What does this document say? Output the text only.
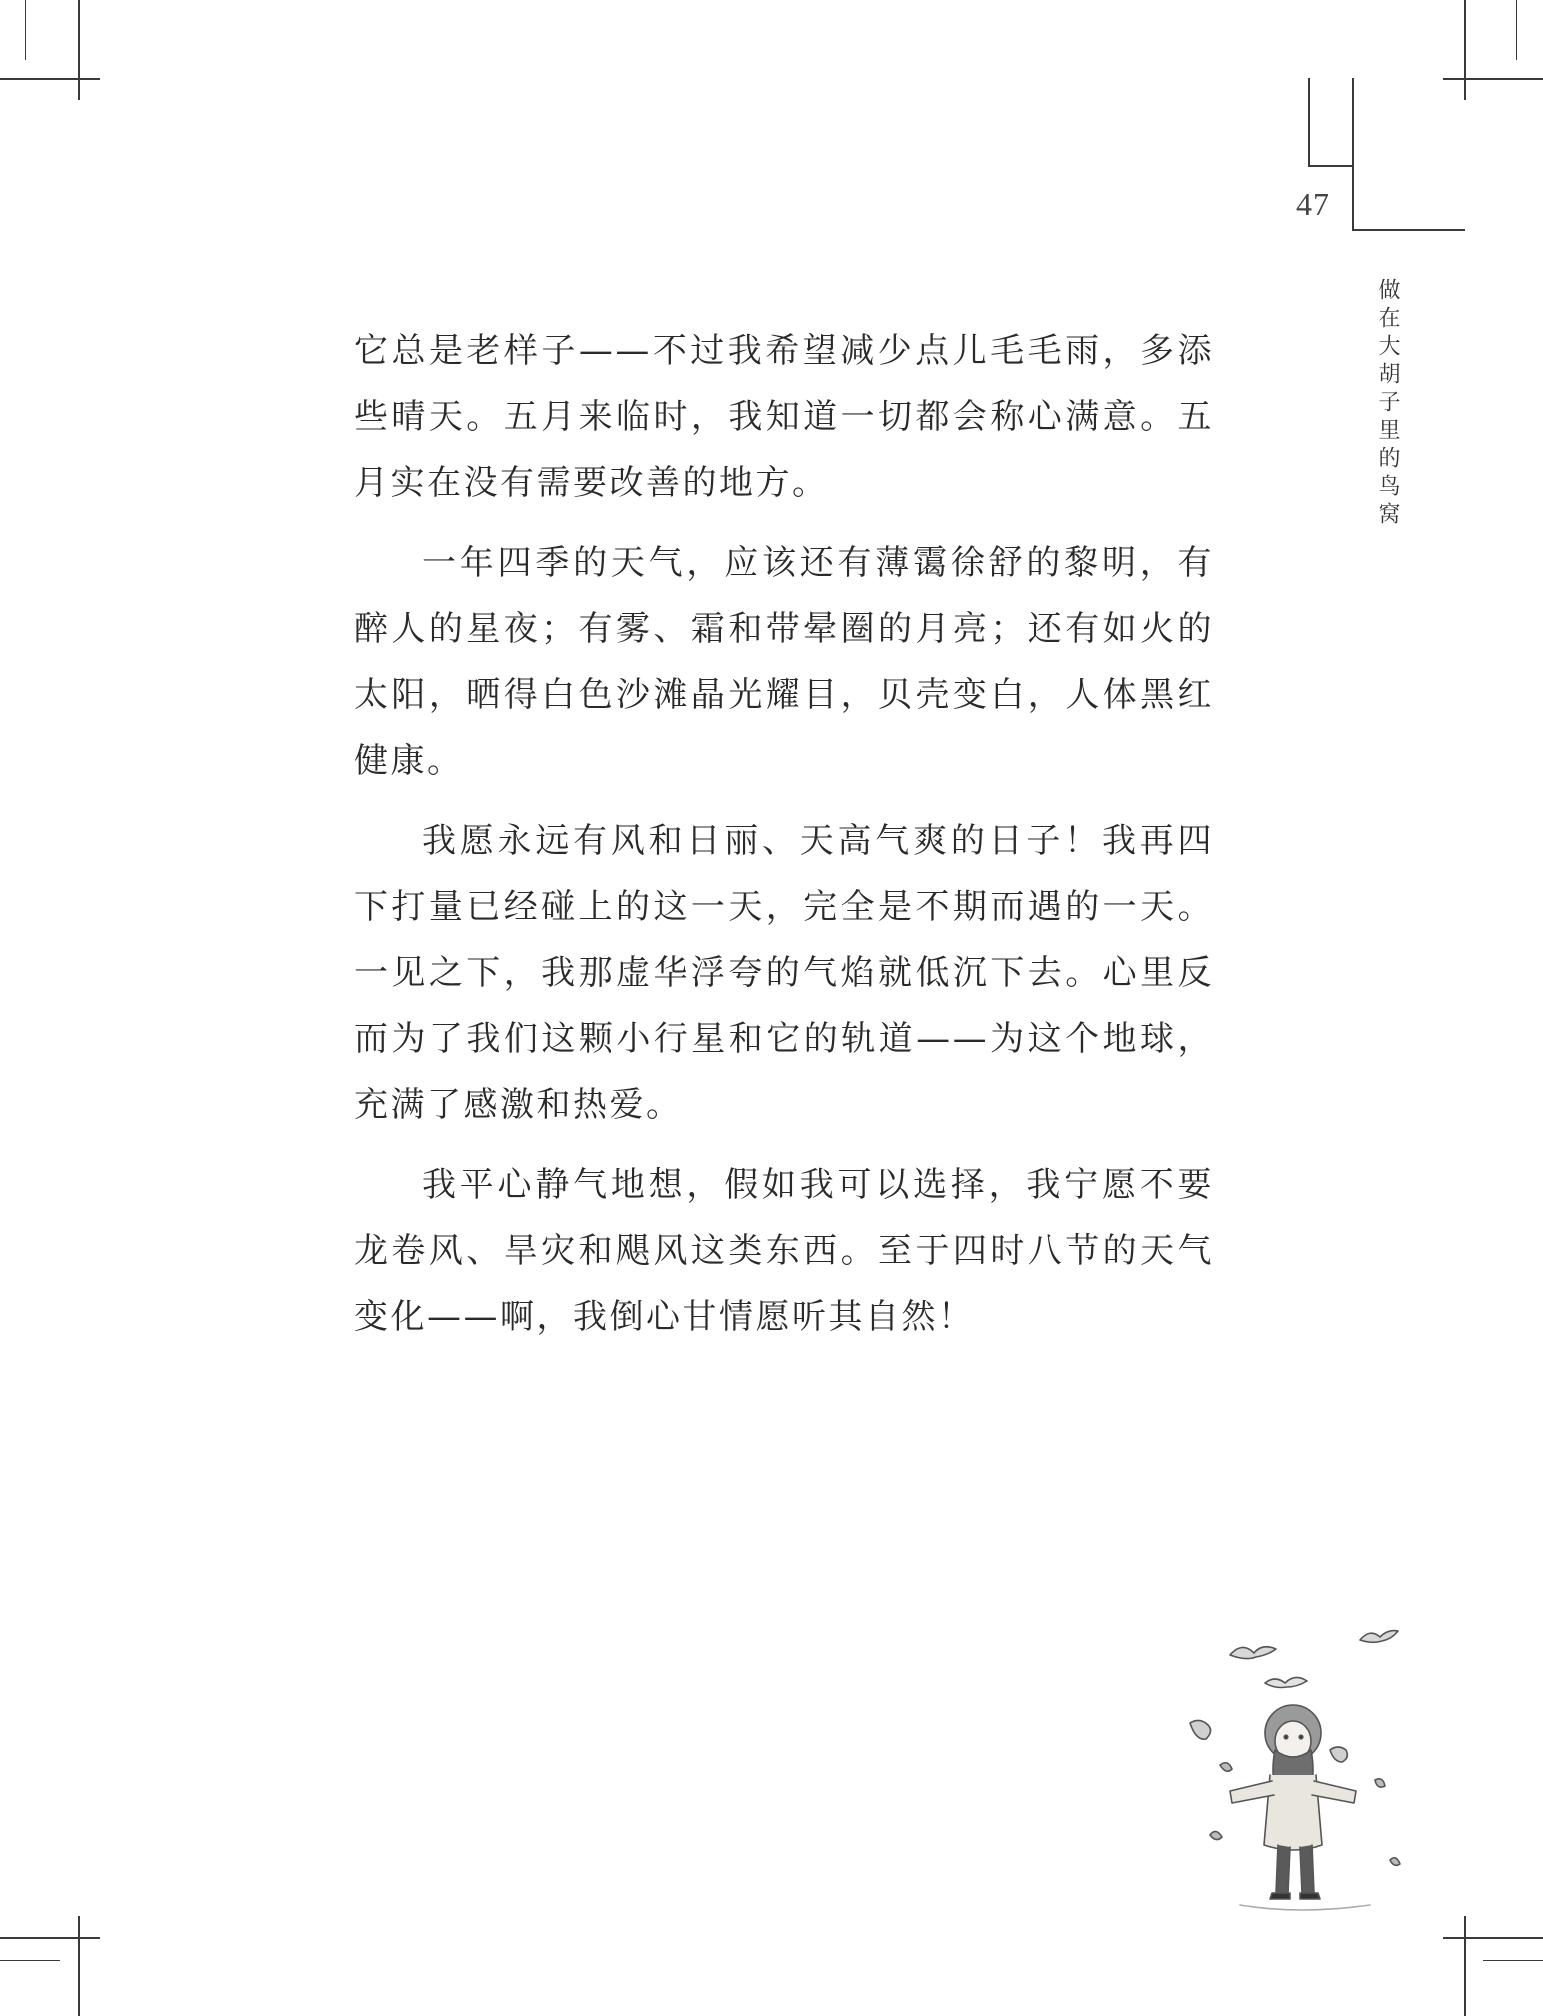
47
做在大胡子里的鸟窝

它总是老样子——不过我希望减少点儿毛毛雨，多添些晴天。五月来临时，我知道一切都会称心满意。五月实在没有需要改善的地方。

一年四季的天气，应该还有薄霭徐舒的黎明，有醉人的星夜；有雾、霜和带晕圈的月亮；还有如火的太阳，晒得白色沙滩晶光耀目，贝壳变白，人体黑红健康。

我愿永远有风和日丽、天高气爽的日子！我再四下打量已经碰上的这一天，完全是不期而遇的一天。一见之下，我那虚华浮夸的气焰就低沉下去。心里反而为了我们这颗小行星和它的轨道——为这个地球，充满了感激和热爱。

我平心静气地想，假如我可以选择，我宁愿不要龙卷风、旱灾和飓风这类东西。至于四时八节的天气变化——啊，我倒心甘情愿听其自然！
